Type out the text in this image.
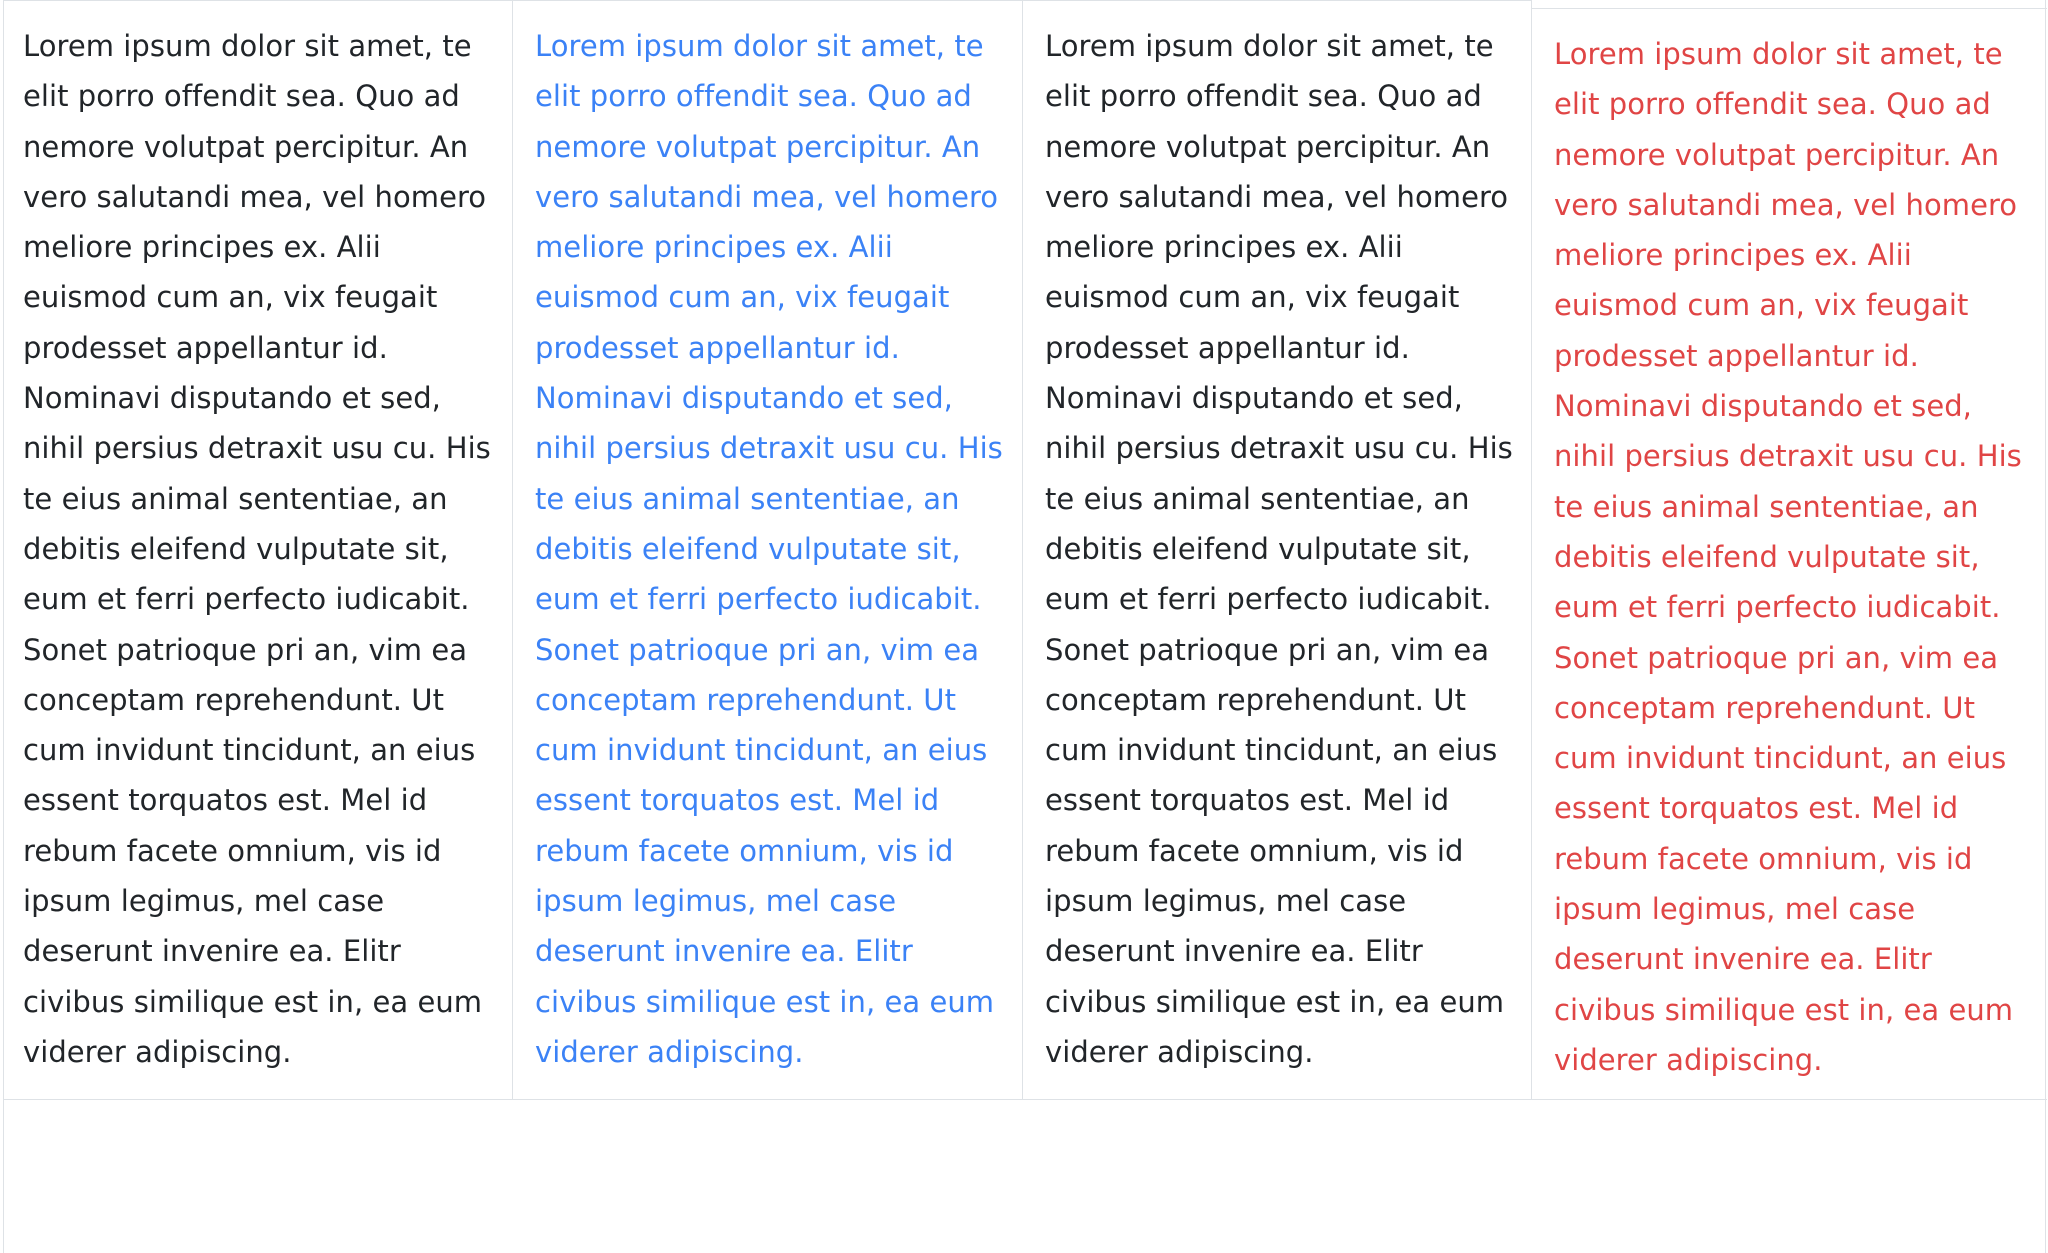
Lorem ipsum dolor sit amet, te elit porro offendit sea. Quo ad nemore volutpat percipitur. An vero salutandi mea, vel homero meliore principes ex. Alii euismod cum an, vix feugait prodesset appellantur id. Nominavi disputando et sed, nihil persius detraxit usu cu. His te eius animal sententiae, an debitis eleifend vulputate sit, eum et ferri perfecto iudicabit. Sonet patrioque pri an, vim ea conceptam reprehendunt. Ut cum invidunt tincidunt, an eius essent torquatos est. Mel id rebum facete omnium, vis id ipsum legimus, mel case deserunt invenire ea. Elitr civibus similique est in, ea eum viderer adipiscing.

Lorem ipsum dolor sit amet, te elit porro offendit sea. Quo ad nemore volutpat percipitur. An vero salutandi mea, vel homero meliore principes ex. Alii euismod cum an, vix feugait prodesset appellantur id. Nominavi disputando et sed, nihil persius detraxit usu cu. His te eius animal sententiae, an debitis eleifend vulputate sit, eum et ferri perfecto iudicabit. Sonet patrioque pri an, vim ea conceptam reprehendunt. Ut cum invidunt tincidunt, an eius essent torquatos est. Mel id rebum facete omnium, vis id ipsum legimus, mel case deserunt invenire ea. Elitr civibus similique est in, ea eum viderer adipiscing.

Lorem ipsum dolor sit amet, te elit porro offendit sea. Quo ad nemore volutpat percipitur. An vero salutandi mea, vel homero meliore principes ex. Alii euismod cum an, vix feugait prodesset appellantur id. Nominavi disputando et sed, nihil persius detraxit usu cu. His te eius animal sententiae, an debitis eleifend vulputate sit, eum et ferri perfecto iudicabit. Sonet patrioque pri an, vim ea conceptam reprehendunt. Ut cum invidunt tincidunt, an eius essent torquatos est. Mel id rebum facete omnium, vis id ipsum legimus, mel case deserunt invenire ea. Elitr civibus similique est in, ea eum viderer adipiscing.

Lorem ipsum dolor sit amet, te elit porro offendit sea. Quo ad nemore volutpat percipitur. An vero salutandi mea, vel homero meliore principes ex. Alii euismod cum an, vix feugait prodesset appellantur id. Nominavi disputando et sed, nihil persius detraxit usu cu. His te eius animal sententiae, an debitis eleifend vulputate sit, eum et ferri perfecto iudicabit. Sonet patrioque pri an, vim ea conceptam reprehendunt. Ut cum invidunt tincidunt, an eius essent torquatos est. Mel id rebum facete omnium, vis id ipsum legimus, mel case deserunt invenire ea. Elitr civibus similique est in, ea eum viderer adipiscing.
